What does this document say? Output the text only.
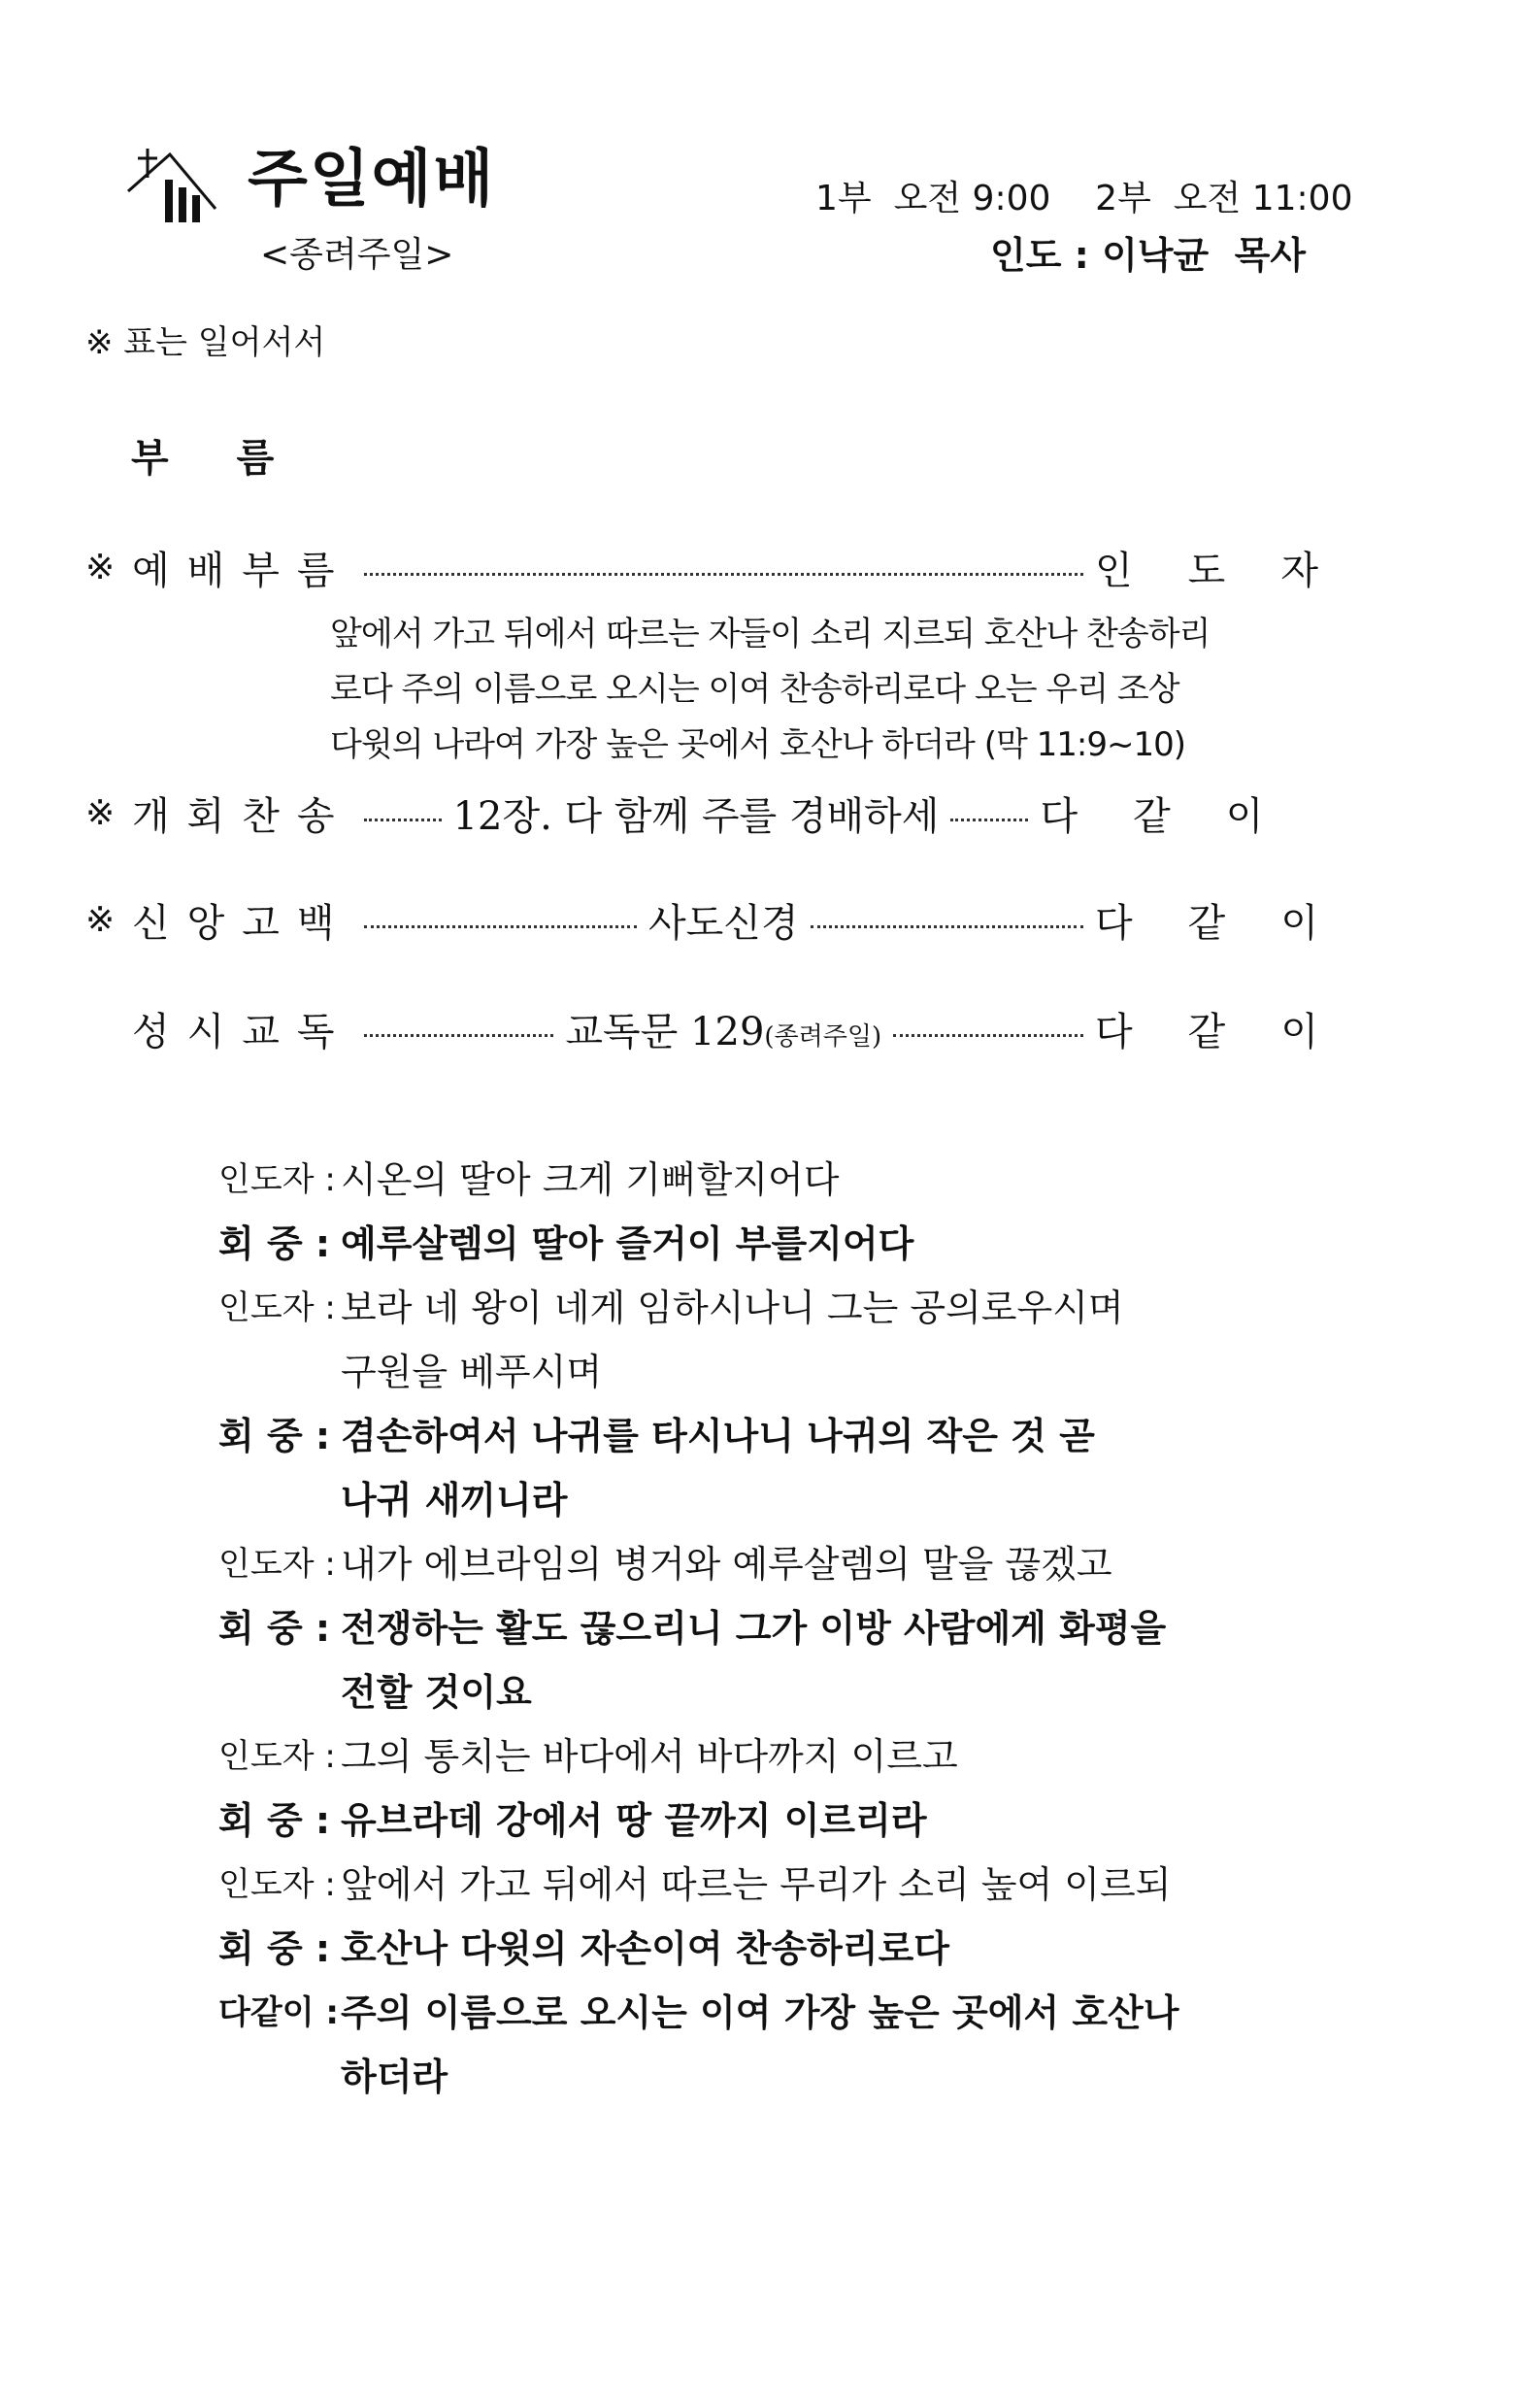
주일예배
<종려주일>
1부  오전 9:00    2부  오전 11:00
인도 : 이낙균  목사
※ 표는 일어서서
부 름
※ 예배부름	인 도 자
앞에서 가고 뒤에서 따르는 자들이 소리 지르되 호산나 찬송하리
로다 주의 이름으로 오시는 이여 찬송하리로다 오는 우리 조상
다윗의 나라여 가장 높은 곳에서 호산나 하더라 (막 11:9~10)
※ 개회찬송	12장. 다 함께 주를 경배하세	다 같 이
※ 신앙고백	사도신경	다 같 이
성시교독	교독문 129(종려주일)	다 같 이
인도자 : 시온의 딸아 크게 기뻐할지어다
회 중 : 예루살렘의 딸아 즐거이 부를지어다
인도자 : 보라 네 왕이 네게 임하시나니 그는 공의로우시며
구원을 베푸시며
회 중 : 겸손하여서 나귀를 타시나니 나귀의 작은 것 곧
나귀 새끼니라
인도자 : 내가 에브라임의 병거와 예루살렘의 말을 끊겠고
회 중 : 전쟁하는 활도 끊으리니 그가 이방 사람에게 화평을
전할 것이요
인도자 : 그의 통치는 바다에서 바다까지 이르고
회 중 : 유브라데 강에서 땅 끝까지 이르리라
인도자 : 앞에서 가고 뒤에서 따르는 무리가 소리 높여 이르되
회 중 : 호산나 다윗의 자손이여 찬송하리로다
다같이 : 주의 이름으로 오시는 이여 가장 높은 곳에서 호산나
하더라
